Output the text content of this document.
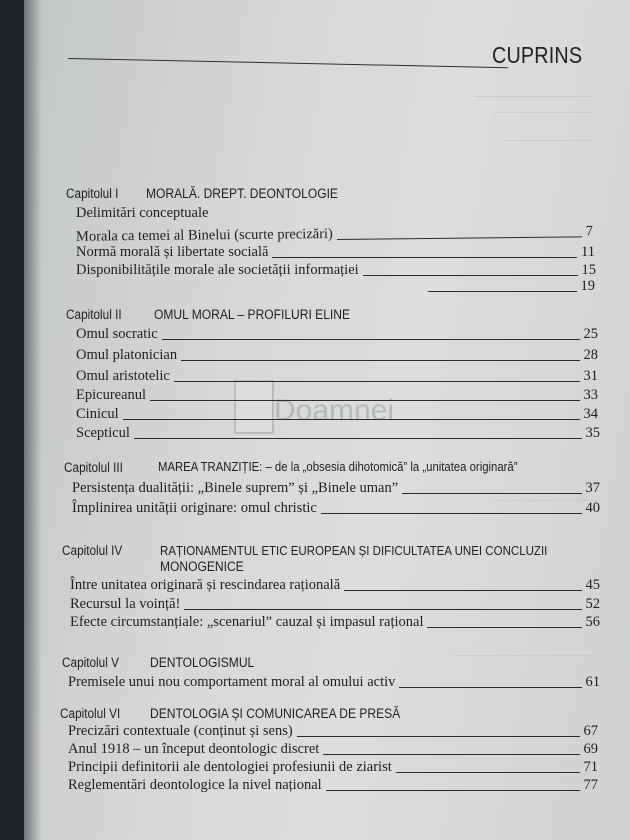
CUPRINS
Doamnei
Capitolul I MORALĂ. DREPT. DEONTOLOGIE
Delimitări conceptuale
Morala ca temei al Binelui (scurte precizări)	7
Normă morală și libertate socială	11
Disponibilitățile morale ale societății informației	15
19
Capitolul II OMUL MORAL – PROFILURI ELINE
Omul socratic	25
Omul platonician	28
Omul aristotelic	31
Epicureanul	33
Cinicul	34
Scepticul	35
Capitolul III	MAREA TRANZIȚIE: – de la „obsesia dihotomică” la „unitatea originară”
Persistența dualității: „Binele suprem” și „Binele uman”	37
Împlinirea unității originare: omul christic	40
Capitolul IV	RAȚIONAMENTUL ETIC EUROPEAN ȘI DIFICULTATEA UNEI CONCLUZII
MONOGENICE
Între unitatea originară și rescindarea rațională	45
Recursul la voință!	52
Efecte circumstanțiale: „scenariul” cauzal și impasul rațional	56
Capitolul V DENTOLOGISMUL
Premisele unui nou comportament moral al omului activ	61
Capitolul VI DENTOLOGIA ȘI COMUNICAREA DE PRESĂ
Precizări contextuale (conținut și sens)	67
Anul 1918 – un început deontologic discret	69
Principii definitorii ale dentologiei profesiunii de ziarist	71
Reglementări deontologice la nivel național	77
